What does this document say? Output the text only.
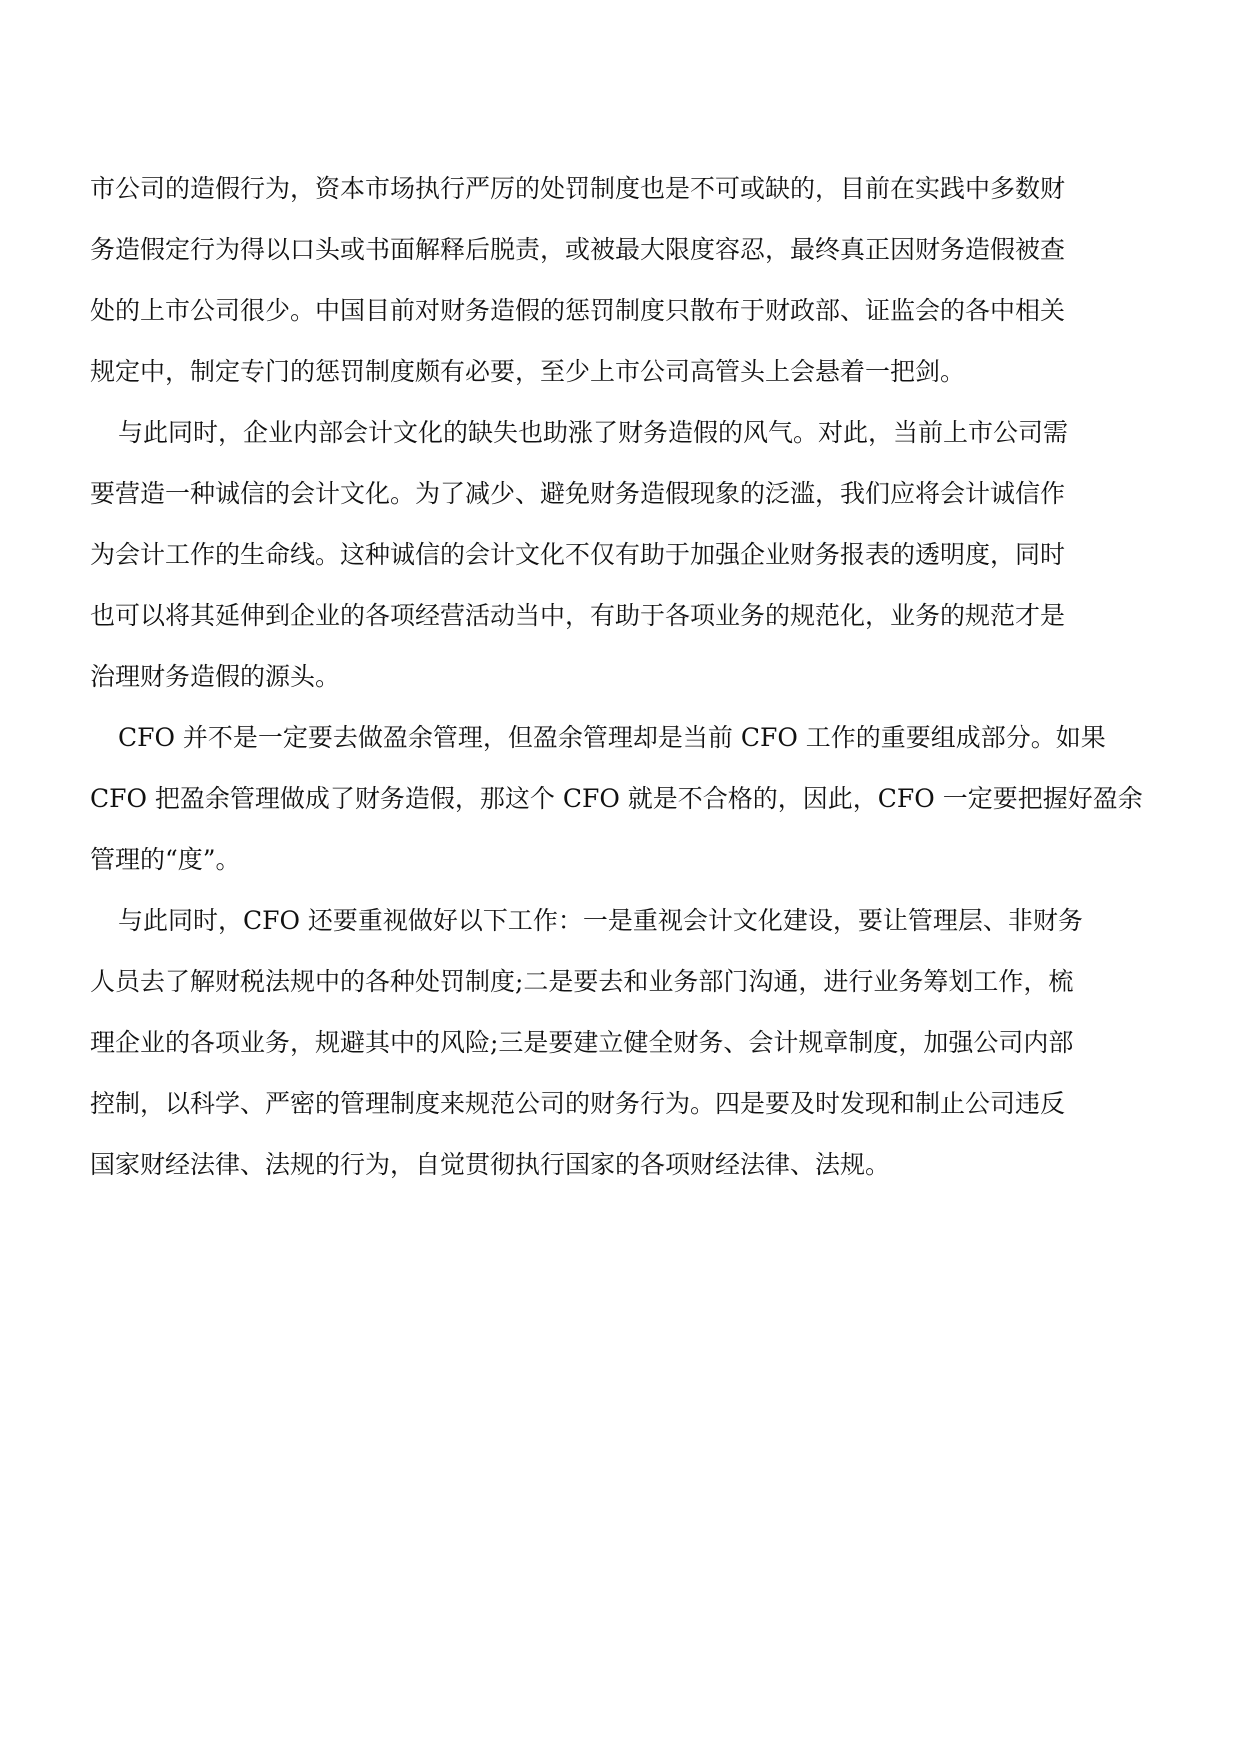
市公司的造假行为，资本市场执行严厉的处罚制度也是不可或缺的，目前在实践中多数财
务造假定行为得以口头或书面解释后脱责，或被最大限度容忍，最终真正因财务造假被查
处的上市公司很少。中国目前对财务造假的惩罚制度只散布于财政部、证监会的各中相关
规定中，制定专门的惩罚制度颇有必要，至少上市公司高管头上会悬着一把剑。
与此同时，企业内部会计文化的缺失也助涨了财务造假的风气。对此，当前上市公司需
要营造一种诚信的会计文化。为了减少、避免财务造假现象的泛滥，我们应将会计诚信作
为会计工作的生命线。这种诚信的会计文化不仅有助于加强企业财务报表的透明度，同时
也可以将其延伸到企业的各项经营活动当中，有助于各项业务的规范化，业务的规范才是
治理财务造假的源头。
CFO 并不是一定要去做盈余管理，但盈余管理却是当前 CFO 工作的重要组成部分。如果
CFO 把盈余管理做成了财务造假，那这个 CFO 就是不合格的，因此，CFO 一定要把握好盈余
管理的“度”。
与此同时，CFO 还要重视做好以下工作：一是重视会计文化建设，要让管理层、非财务
人员去了解财税法规中的各种处罚制度;二是要去和业务部门沟通，进行业务筹划工作，梳
理企业的各项业务，规避其中的风险;三是要建立健全财务、会计规章制度，加强公司内部
控制，以科学、严密的管理制度来规范公司的财务行为。四是要及时发现和制止公司违反
国家财经法律、法规的行为，自觉贯彻执行国家的各项财经法律、法规。
